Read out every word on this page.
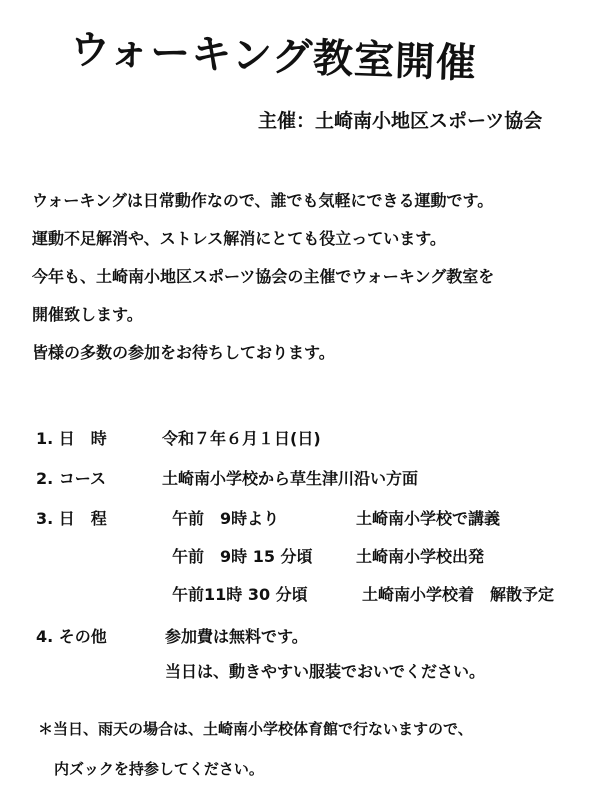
ウォーキング教室開催
主催：土崎南小地区スポーツ協会
ウォーキングは日常動作なので、誰でも気軽にできる運動です。
運動不足解消や、ストレス解消にとても役立っています。
今年も、土崎南小地区スポーツ協会の主催でウォーキング教室を
開催致します。
皆様の多数の参加をお待ちしております。
1. 日　時	令和７年６月１日(日)
2. コース	土崎南小学校から草生津川沿い方面
3. 日　程	午前　9時より	土崎南小学校で講義
午前　9時 15 分頃	土崎南小学校出発
午前11時 30 分頃	土崎南小学校着　解散予定
4. その他	参加費は無料です。
当日は、動きやすい服装でおいでください。
＊当日、雨天の場合は、土崎南小学校体育館で行ないますので、
内ズックを持参してください。
